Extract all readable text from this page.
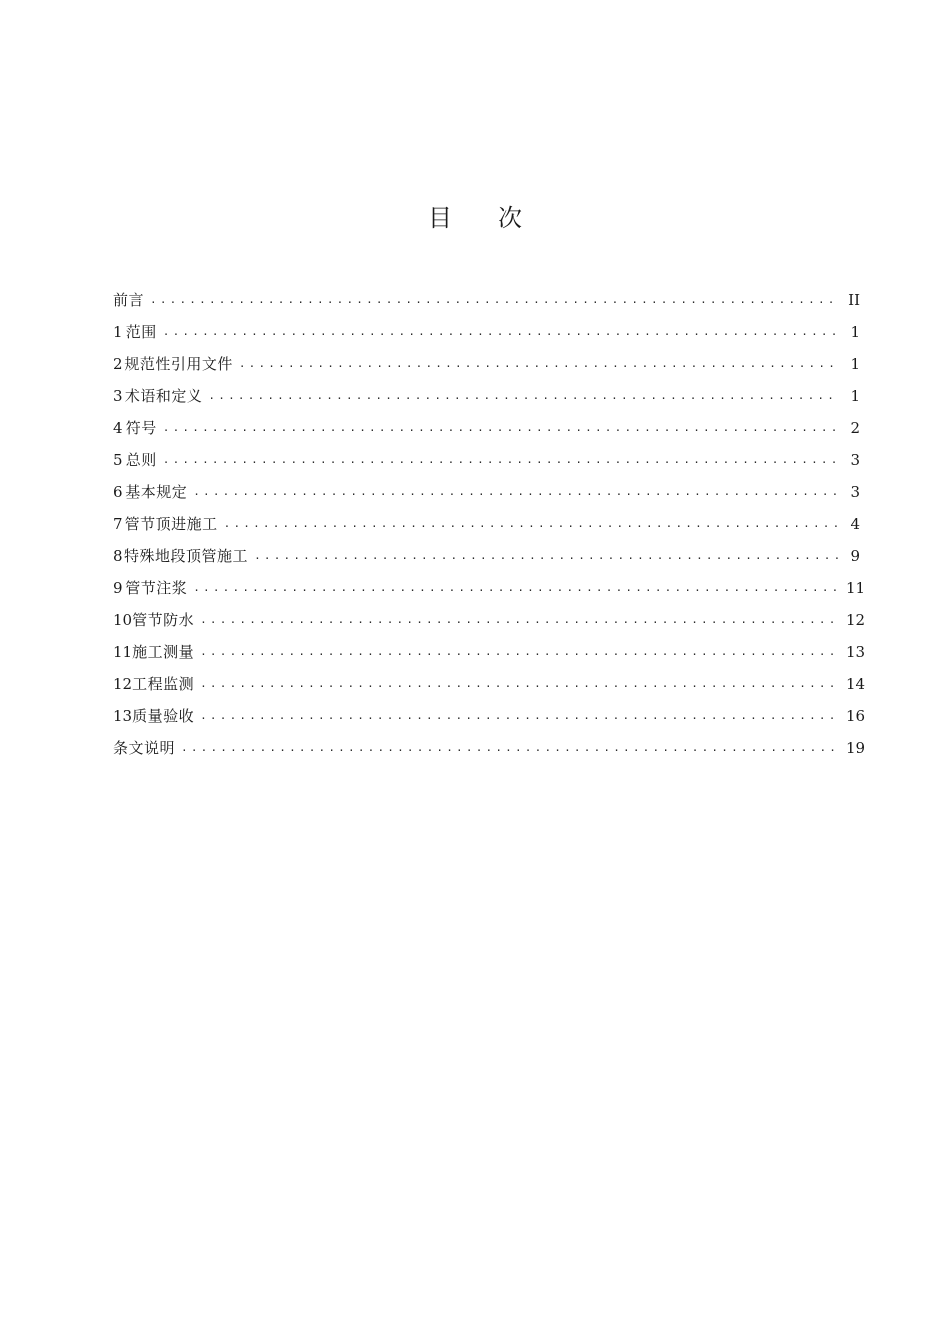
目 次
前言 .....	II
1 范围 .....	1
2 规范性引用文件 .....	1
3 术语和定义 .....	1
4 符号 .....	2
5 总则 .....	3
6 基本规定 .....	3
7 管节顶进施工 .....	4
8 特殊地段顶管施工 .....	9
9 管节注浆 .....	11
10 管节防水 .....	12
11 施工测量 .....	13
12 工程监测 .....	14
13 质量验收 .....	16
条文说明 .....	19
